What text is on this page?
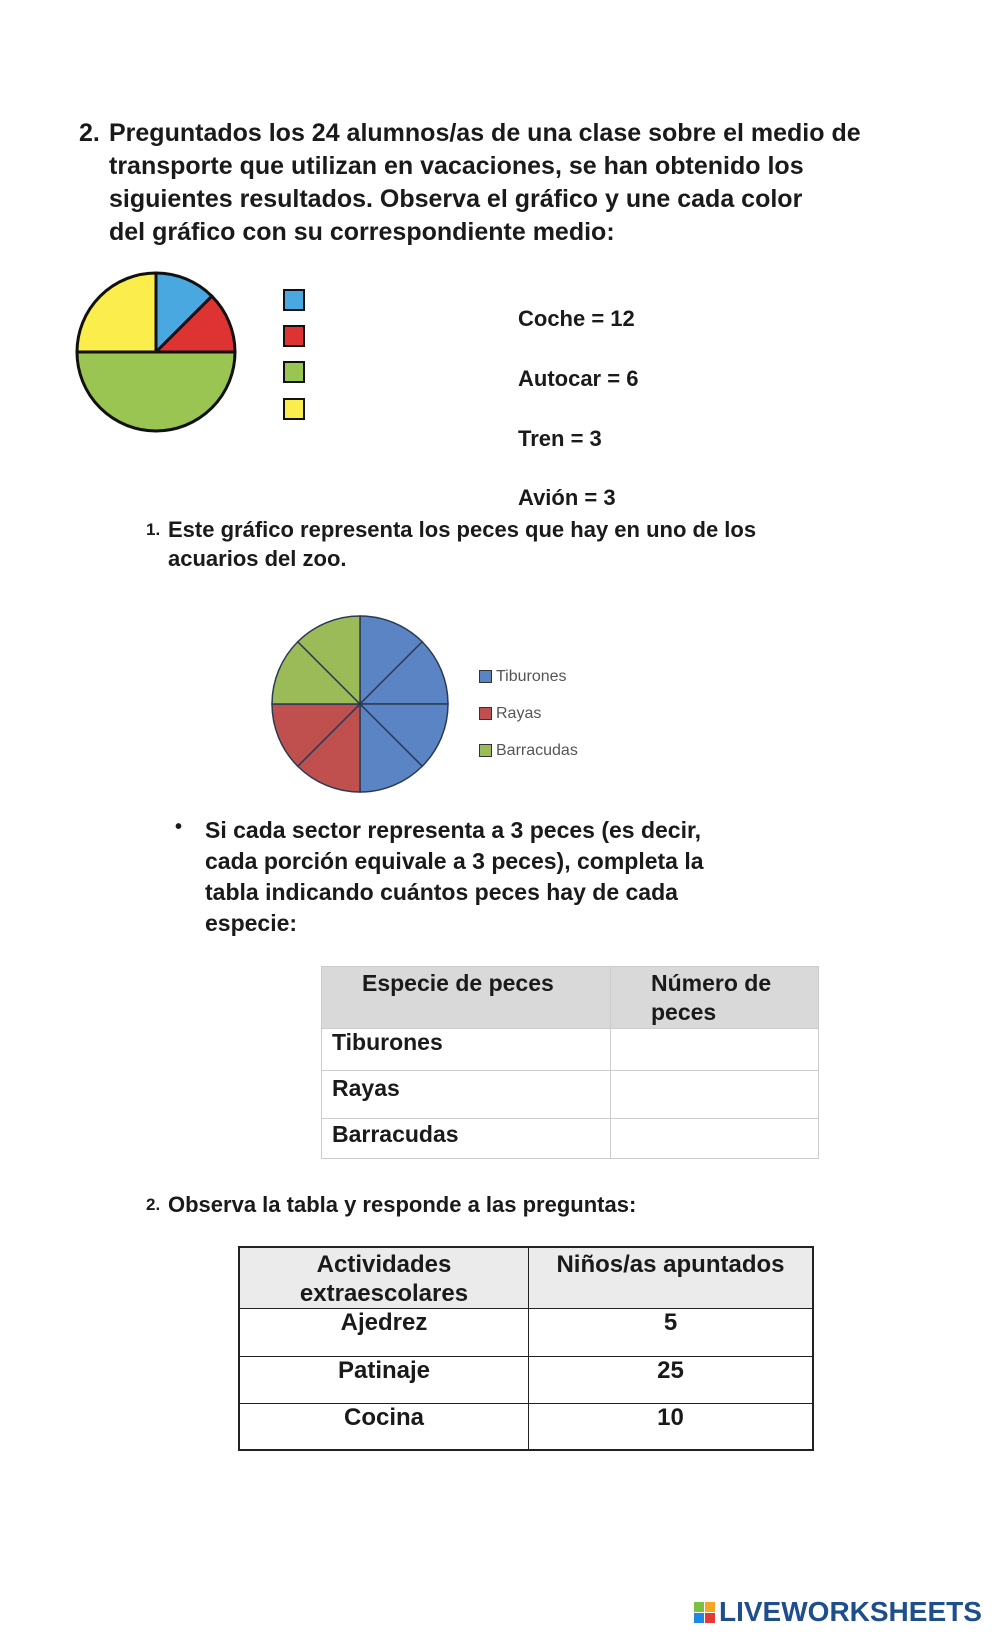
2. Preguntados los 24 alumnos/as de una clase sobre el medio de
transporte que utilizan en vacaciones, se han obtenido los
siguientes resultados. Observa el gráfico y une cada color
del gráfico con su correspondiente medio:
Coche = 12
Autocar = 6
Tren = 3
Avión = 3
1. Este gráfico representa los peces que hay en uno de los
acuarios del zoo.
Tiburones
Rayas
Barracudas
• Si cada sector representa a 3 peces (es decir,
cada porción equivale a 3 peces), completa la
tabla indicando cuántos peces hay de cada
especie:
Especie de peces	Número de peces
Tiburones	
Rayas	
Barracudas	
2. Observa la tabla y responde a las preguntas:
Actividades extraescolares	Niños/as apuntados
Ajedrez	5
Patinaje	25
Cocina	10
LIVEWORKSHEETS
